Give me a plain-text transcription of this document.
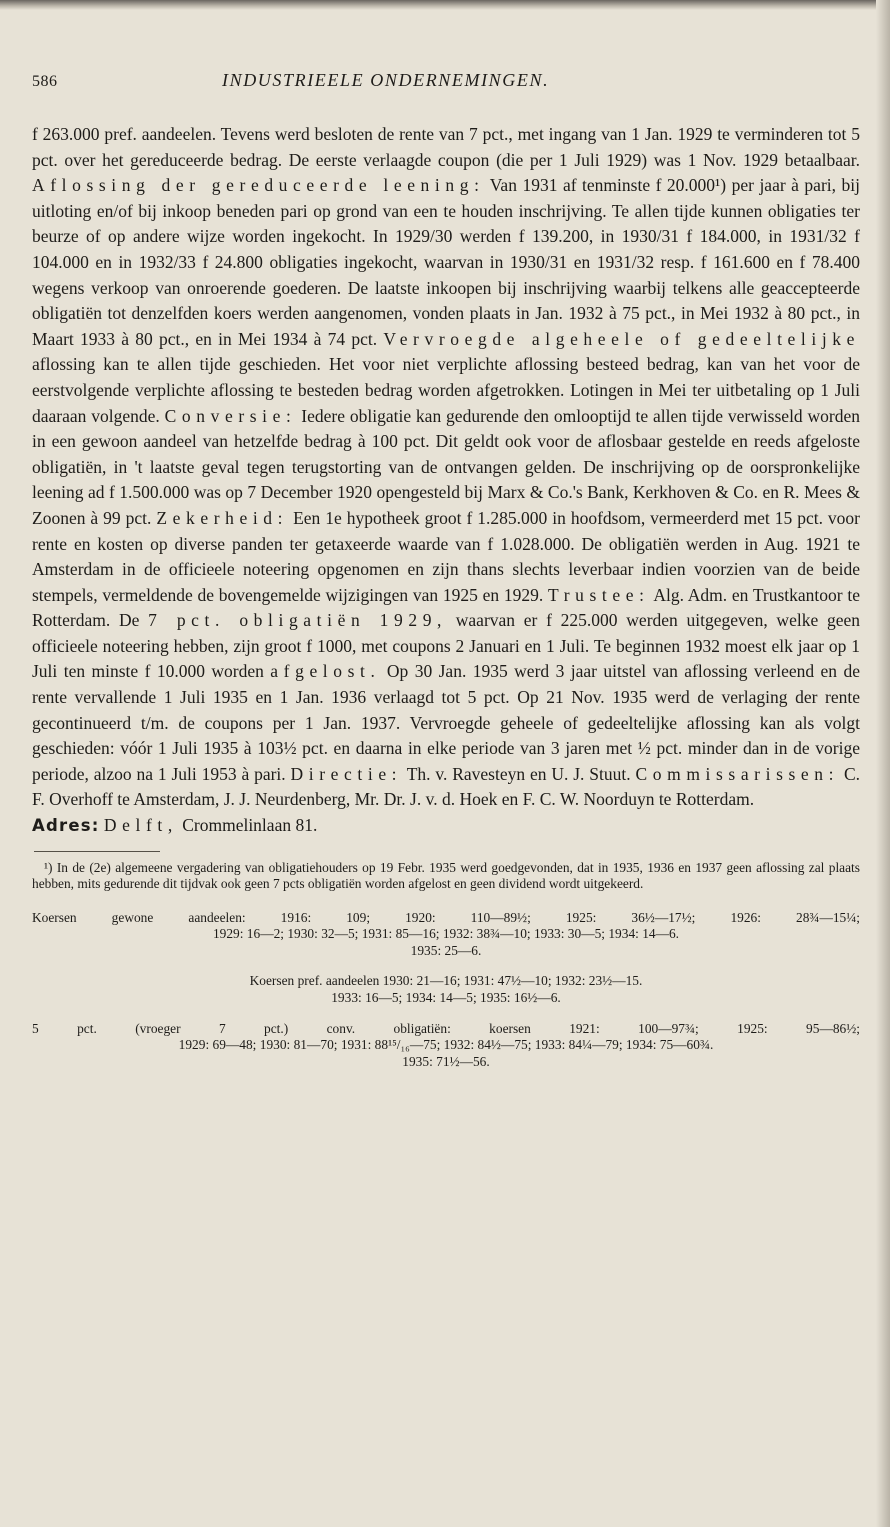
586	INDUSTRIEELE ONDERNEMINGEN.

f 263.000 pref. aandeelen. Tevens werd besloten de rente van 7 pct., met ingang van 1 Jan. 1929 te verminderen tot 5 pct. over het gereduceerde bedrag. De eerste verlaagde coupon (die per 1 Juli 1929) was 1 Nov. 1929 betaalbaar. Aflossing der gereduceerde leening: Van 1931 af tenminste f 20.000¹) per jaar à pari, bij uitloting en/of bij inkoop beneden pari op grond van een te houden inschrijving. Te allen tijde kunnen obligaties ter beurze of op andere wijze worden ingekocht. In 1929/30 werden f 139.200, in 1930/31 f 184.000, in 1931/32 f 104.000 en in 1932/33 f 24.800 obligaties ingekocht, waarvan in 1930/31 en 1931/32 resp. f 161.600 en f 78.400 wegens verkoop van onroerende goederen. De laatste inkoopen bij inschrijving waarbij telkens alle geaccepteerde obligatiën tot denzelfden koers werden aangenomen, vonden plaats in Jan. 1932 à 75 pct., in Mei 1932 à 80 pct., in Maart 1933 à 80 pct., en in Mei 1934 à 74 pct. Vervroegde algeheele of gedeeltelijke aflossing kan te allen tijde geschieden. Het voor niet verplichte aflossing besteed bedrag, kan van het voor de eerstvolgende verplichte aflossing te besteden bedrag worden afgetrokken. Lotingen in Mei ter uitbetaling op 1 Juli daaraan volgende. Conversie: Iedere obligatie kan gedurende den omlooptijd te allen tijde verwisseld worden in een gewoon aandeel van hetzelfde bedrag à 100 pct. Dit geldt ook voor de aflosbaar gestelde en reeds afgeloste obligatiën, in 't laatste geval tegen terugstorting van de ontvangen gelden. De inschrijving op de oorspronkelijke leening ad f 1.500.000 was op 7 December 1920 opengesteld bij Marx & Co.'s Bank, Kerkhoven & Co. en R. Mees & Zoonen à 99 pct. Zekerheid: Een 1e hypotheek groot f 1.285.000 in hoofdsom, vermeerderd met 15 pct. voor rente en kosten op diverse panden ter getaxeerde waarde van f 1.028.000. De obligatiën werden in Aug. 1921 te Amsterdam in de officieele noteering opgenomen en zijn thans slechts leverbaar indien voorzien van de beide stempels, vermeldende de bovengemelde wijzigingen van 1925 en 1929. Trustee: Alg. Adm. en Trustkantoor te Rotterdam. De 7 pct. obligatiën 1929, waarvan er f 225.000 werden uitgegeven, welke geen officieele noteering hebben, zijn groot f 1000, met coupons 2 Januari en 1 Juli. Te beginnen 1932 moest elk jaar op 1 Juli ten minste f 10.000 worden afgelost. Op 30 Jan. 1935 werd 3 jaar uitstel van aflossing verleend en de rente vervallende 1 Juli 1935 en 1 Jan. 1936 verlaagd tot 5 pct. Op 21 Nov. 1935 werd de verlaging der rente gecontinueerd t/m. de coupons per 1 Jan. 1937. Vervroegde geheele of gedeeltelijke aflossing kan als volgt geschieden: vóór 1 Juli 1935 à 103½ pct. en daarna in elke periode van 3 jaren met ½ pct. minder dan in de vorige periode, alzoo na 1 Juli 1953 à pari. Directie: Th. v. Ravesteyn en U. J. Stuut. Commissarissen: C. F. Overhoff te Amsterdam, J. J. Neurdenberg, Mr. Dr. J. v. d. Hoek en F. C. W. Noorduyn te Rotterdam.

Adres: Delft, Crommelinlaan 81.

¹) In de (2e) algemeene vergadering van obligatiehouders op 19 Febr. 1935 werd goedgevonden, dat in 1935, 1936 en 1937 geen aflossing zal plaats hebben, mits gedurende dit tijdvak ook geen 7 pcts obligatiën worden afgelost en geen dividend wordt uitgekeerd.

Koersen gewone aandeelen: 1916: 109; 1920: 110—89½; 1925: 36½—17½; 1926: 28¾—15¼;

1929: 16—2; 1930: 32—5; 1931: 85—16; 1932: 38¾—10; 1933: 30—5; 1934: 14—6.

1935: 25—6.

Koersen pref. aandeelen 1930: 21—16; 1931: 47½—10; 1932: 23½—15.

1933: 16—5; 1934: 14—5; 1935: 16½—6.

5 pct. (vroeger 7 pct.) conv. obligatiën: koersen 1921: 100—97¾; 1925: 95—86½;

1929: 69—48; 1930: 81—70; 1931: 88¹⁵/₁₆—75; 1932: 84½—75; 1933: 84¼—79; 1934: 75—60¾.

1935: 71½—56.
